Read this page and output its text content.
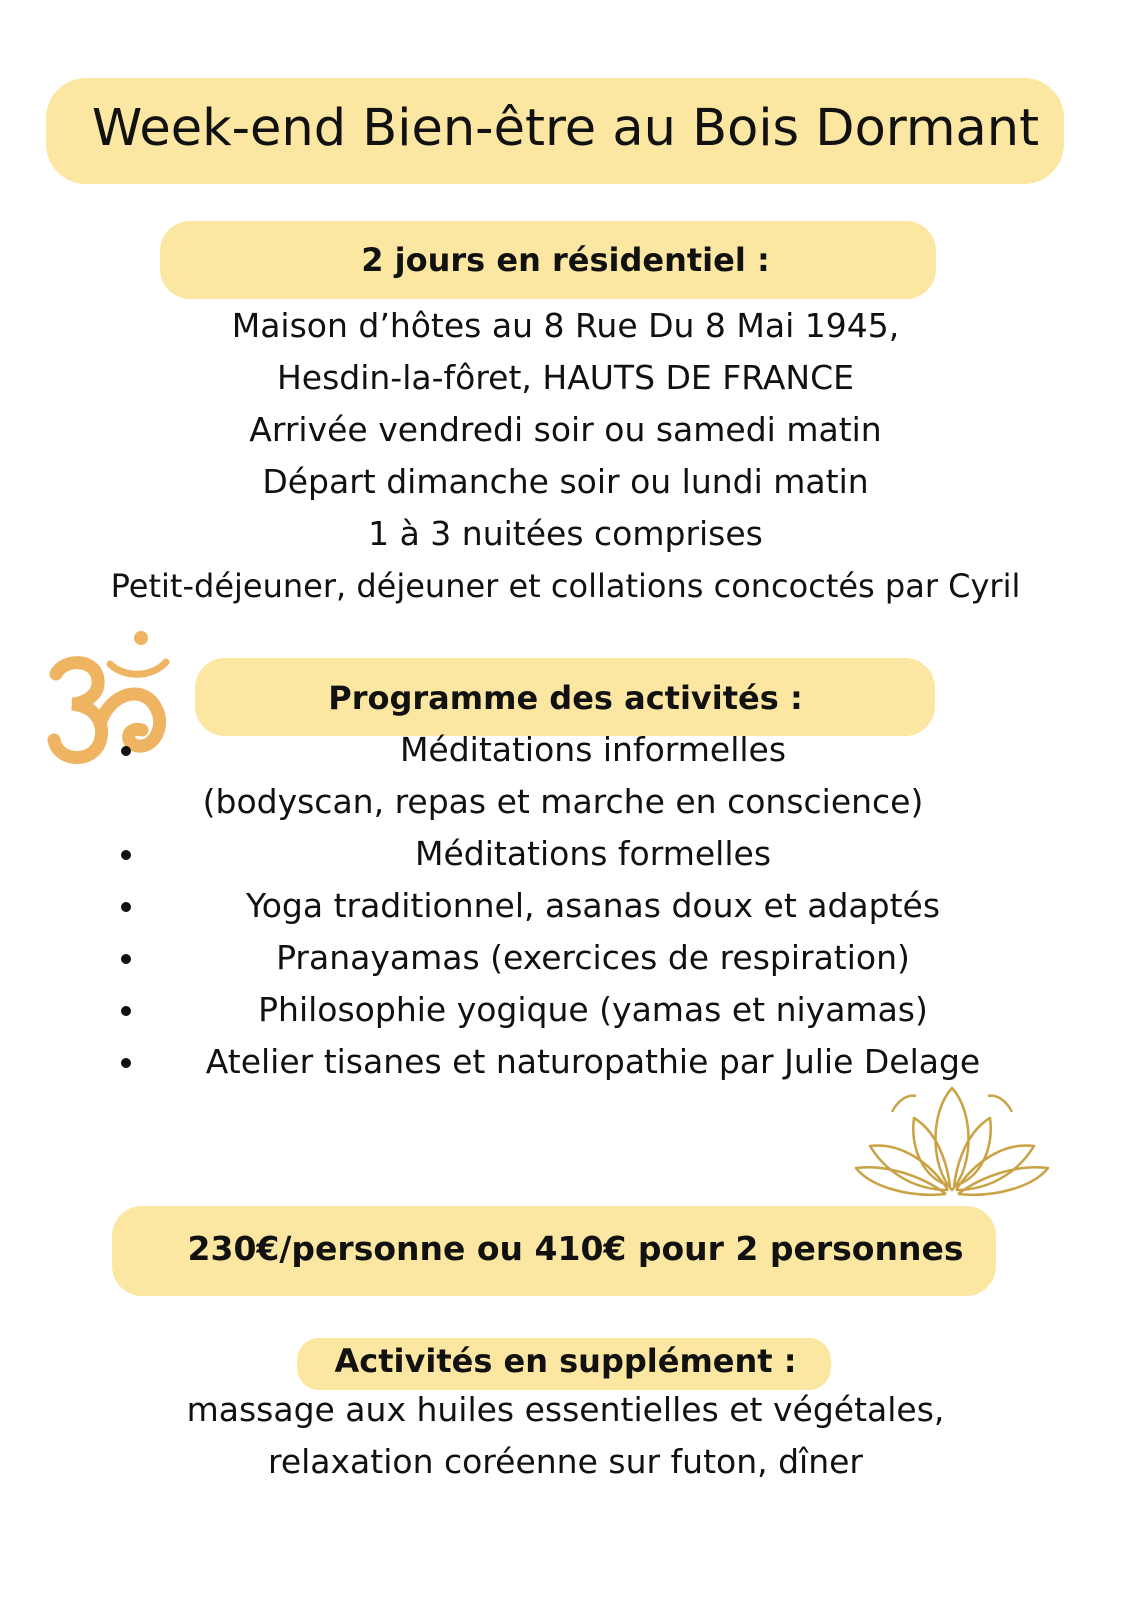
Week-end Bien-être au Bois Dormant
2 jours en résidentiel :
Maison d’hôtes au 8 Rue Du 8 Mai 1945,
Hesdin-la-fôret, HAUTS DE FRANCE
Arrivée vendredi soir ou samedi matin
Départ dimanche soir ou lundi matin
1 à 3 nuitées comprises
Petit-déjeuner, déjeuner et collations concoctés par Cyril
Programme des activités :
Méditations informelles
(bodyscan, repas et marche en conscience)
Méditations formelles
Yoga traditionnel, asanas doux et adaptés
Pranayamas (exercices de respiration)
Philosophie yogique (yamas et niyamas)
Atelier tisanes et naturopathie par Julie Delage
230€/personne ou 410€ pour 2 personnes
Activités en supplément :
massage aux huiles essentielles et végétales,
relaxation coréenne sur futon, dîner
